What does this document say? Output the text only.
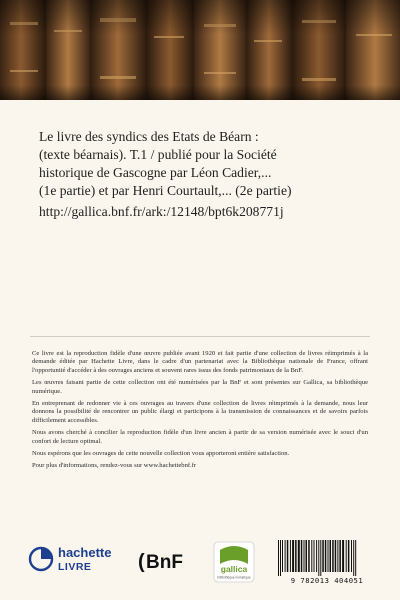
Le livre des syndics des Etats de Béarn :

(texte béarnais). T.1 / publié pour la Société

historique de Gascogne par Léon Cadier,...

(1e partie) et par Henri Courtault,... (2e partie)

http://gallica.bnf.fr/ark:/12148/bpt6k208771j

Ce livre est la reproduction fidèle d'une œuvre publiée avant 1920 et fait partie d'une collection de livres réimprimés à la demande éditée par Hachette Livre, dans le cadre d'un partenariat avec la Bibliothèque nationale de France, offrant l'opportunité d'accéder à des ouvrages anciens et souvent rares issus des fonds patrimoniaux de la BnF.

Les œuvres faisant partie de cette collection ont été numérisées par la BnF et sont présentes sur Gallica, sa bibliothèque numérique.

En entreprenant de redonner vie à ces ouvrages au travers d'une collection de livres réimprimés à la demande, nous leur donnons la possibilité de rencontrer un public élargi et participons à la transmission de connaissances et de savoirs parfois difficilement accessibles.

Nous avons cherché à concilier la reproduction fidèle d'un livre ancien à partir de sa version numérisée avec le souci d'un confort de lecture optimal.

Nous espérons que les ouvrages de cette nouvelle collection vous apporteront entière satisfaction.

Pour plus d'informations, rendez-vous sur www.hachettebnf.fr

hachette
LIVRE ( BnF	gallica
bibliothèque numérique	9 782013 404051
